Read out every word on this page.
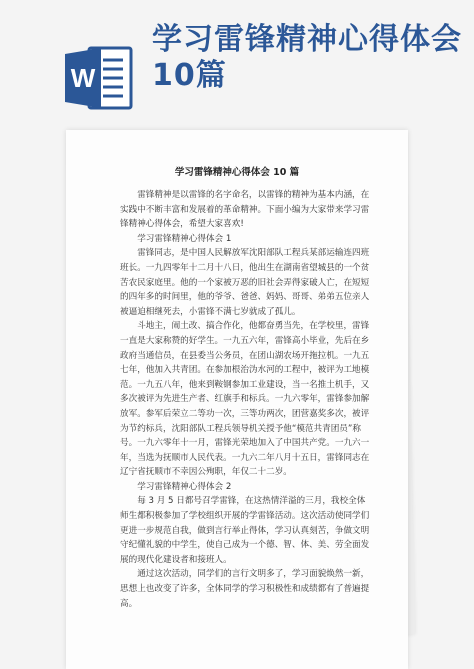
W
学习雷锋精神心得体会10篇
学习雷锋精神心得体会 10 篇

雷锋精神是以雷锋的名字命名，以雷锋的精神为基本内涵，在实践中不断丰富和发展着的革命精神。下面小编为大家带来学习雷锋精神心得体会，希望大家喜欢!

学习雷锋精神心得体会 1

雷锋同志，是中国人民解放军沈阳部队工程兵某部运输连四班班长。一九四零年十二月十八日，他出生在湖南省望城县的一个贫苦农民家庭里。他的一个家被万恶的旧社会弄得家破人亡，在短短的四年多的时间里，他的爷爷、爸爸、妈妈、哥哥、弟弟五位亲人被逼迫相继死去，小雷锋不满七岁就成了孤儿。

斗地主，闹土改、搞合作化，他都奋勇当先，在学校里，雷锋一直是大家称赞的好学生。一九五六年，雷锋高小毕业，先后在乡政府当通信员，在县委当公务员，在团山湖农场开拖拉机。一九五七年，他加入共青团。在参加根治沩水河的工程中，被评为工地模范。一九五八年，他来到鞍钢参加工业建设，当一名推土机手，又多次被评为先进生产者、红旗手和标兵。一九六零年，雷锋参加解放军。参军后荣立二等功一次，三等功两次，团营嘉奖多次，被评为节约标兵，沈阳部队工程兵领导机关授予他“模范共青团员”称号。一九六零年十一月，雷锋光荣地加入了中国共产党。一九六一年，当选为抚顺市人民代表。一九六二年八月十五日，雷锋同志在辽宁省抚顺市不幸因公殉职，年仅二十二岁。

学习雷锋精神心得体会 2

每 3 月 5 日都号召学雷锋，在这热情洋溢的三月，我校全体师生都积极参加了学校组织开展的学雷锋活动。这次活动使同学们更进一步规范自我，做到言行举止得体，学习认真刻苦，争做文明守纪懂礼貌的中学生，使自己成为一个德、智、体、美、劳全面发展的现代化建设者和接班人。

通过这次活动，同学们的言行文明多了，学习面貌焕然一新，思想上也改变了许多，全体同学的学习积极性和成绩都有了普遍提高。
